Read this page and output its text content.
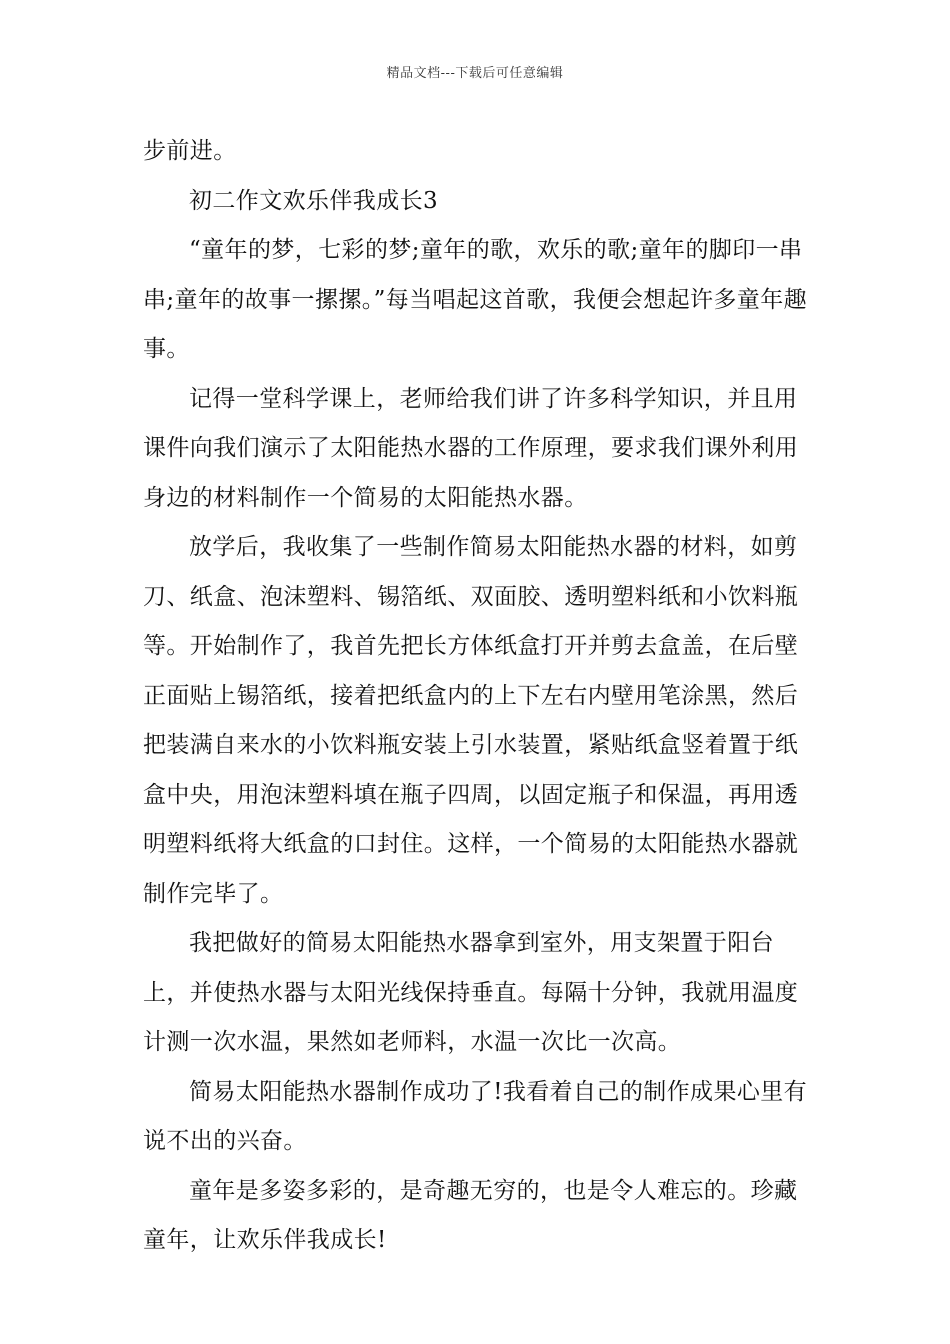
精品文档---下载后可任意编辑

步前进。

初二作文欢乐伴我成长3

“童年的梦，七彩的梦;童年的歌，欢乐的歌;童年的脚印一串串;童年的故事一摞摞。”每当唱起这首歌，我便会想起许多童年趣事。

记得一堂科学课上，老师给我们讲了许多科学知识，并且用课件向我们演示了太阳能热水器的工作原理，要求我们课外利用身边的材料制作一个简易的太阳能热水器。

放学后，我收集了一些制作简易太阳能热水器的材料，如剪刀、纸盒、泡沫塑料、锡箔纸、双面胶、透明塑料纸和小饮料瓶等。开始制作了，我首先把长方体纸盒打开并剪去盒盖，在后壁正面贴上锡箔纸，接着把纸盒内的上下左右内壁用笔涂黑，然后把装满自来水的小饮料瓶安装上引水装置，紧贴纸盒竖着置于纸盒中央，用泡沫塑料填在瓶子四周，以固定瓶子和保温，再用透明塑料纸将大纸盒的口封住。这样，一个简易的太阳能热水器就制作完毕了。

我把做好的简易太阳能热水器拿到室外，用支架置于阳台上，并使热水器与太阳光线保持垂直。每隔十分钟，我就用温度计测一次水温，果然如老师料，水温一次比一次高。

简易太阳能热水器制作成功了!我看着自己的制作成果心里有说不出的兴奋。

童年是多姿多彩的，是奇趣无穷的，也是令人难忘的。珍藏童年，让欢乐伴我成长!
